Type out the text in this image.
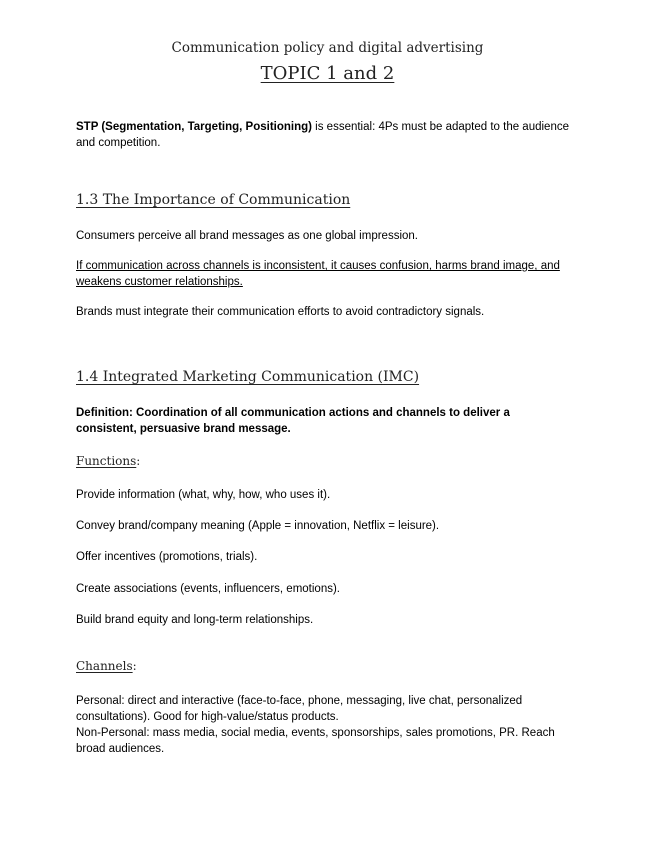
Communication policy and digital advertising
TOPIC 1 and 2
STP (Segmentation, Targeting, Positioning) is essential: 4Ps must be adapted to the audience and competition.
1.3 The Importance of Communication
Consumers perceive all brand messages as one global impression.
If communication across channels is inconsistent, it causes confusion, harms brand image, and weakens customer relationships.
Brands must integrate their communication efforts to avoid contradictory signals.
1.4 Integrated Marketing Communication (IMC)
Definition: Coordination of all communication actions and channels to deliver a consistent, persuasive brand message.
Functions:
Provide information (what, why, how, who uses it).
Convey brand/company meaning (Apple = innovation, Netflix = leisure).
Offer incentives (promotions, trials).
Create associations (events, influencers, emotions).
Build brand equity and long-term relationships.
Channels:
Personal: direct and interactive (face-to-face, phone, messaging, live chat, personalized consultations). Good for high-value/status products.
Non-Personal: mass media, social media, events, sponsorships, sales promotions, PR. Reach broad audiences.
